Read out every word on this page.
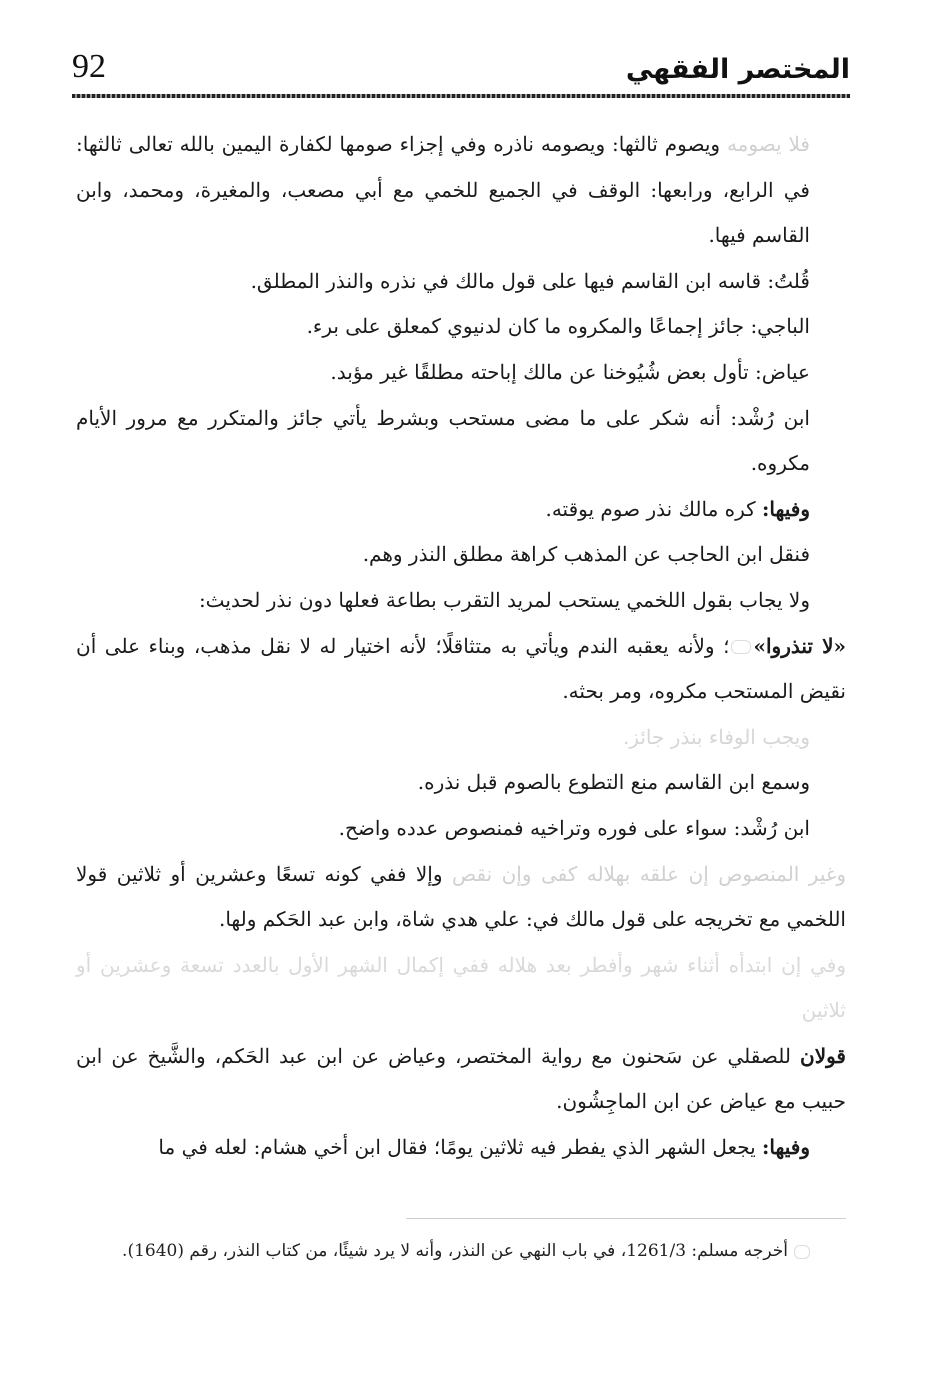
92	المختصر الفقهي

فلا يصومه ويصوم ثالثها: ويصومه ناذره وفي إجزاء صومها لكفارة اليمين بالله تعالى ثالثها: في الرابع، ورابعها: الوقف في الجميع للخمي مع أبي مصعب، والمغيرة، ومحمد، وابن القاسم فيها.

قُلتُ: قاسه ابن القاسم فيها على قول مالك في نذره والنذر المطلق.

الباجي: جائز إجماعًا والمكروه ما كان لدنيوي كمعلق على برء.

عياض: تأول بعض شُيُوخنا عن مالك إباحته مطلقًا غير مؤبد.

ابن رُشْد: أنه شكر على ما مضى مستحب وبشرط يأتي جائز والمتكرر مع مرور الأيام مكروه.

وفيها: كره مالك نذر صوم يوقته.

فنقل ابن الحاجب عن المذهب كراهة مطلق النذر وهم.

ولا يجاب بقول اللخمي يستحب لمريد التقرب بطاعة فعلها دون نذر لحديث:

«لا تنذروا»؛ ولأنه يعقبه الندم ويأتي به متثاقلًا؛ لأنه اختيار له لا نقل مذهب، وبناء على أن نقيض المستحب مكروه، ومر بحثه.

ويجب الوفاء بنذر جائز.

وسمع ابن القاسم منع التطوع بالصوم قبل نذره.

ابن رُشْد: سواء على فوره وتراخيه فمنصوص عدده واضح.

وغير المنصوص إن علقه بهلاله كفى وإن نقص وإلا ففي كونه تسعًا وعشرين أو ثلاثين قولا اللخمي مع تخريجه على قول مالك في: علي هدي شاة، وابن عبد الحَكم ولها.

وفي إن ابتدأه أثناء شهر وأفطر بعد هلاله ففي إكمال الشهر الأول بالعدد تسعة وعشرين أو ثلاثين

قولان للصقلي عن سَحنون مع رواية المختصر، وعياض عن ابن عبد الحَكم، والشَّيخ عن ابن حبيب مع عياض عن ابن الماجِشُون.

وفيها: يجعل الشهر الذي يفطر فيه ثلاثين يومًا؛ فقال ابن أخي هشام: لعله في ما

أخرجه مسلم: 1261/3، في باب النهي عن النذر، وأنه لا يرد شيئًا، من كتاب النذر، رقم (1640).
